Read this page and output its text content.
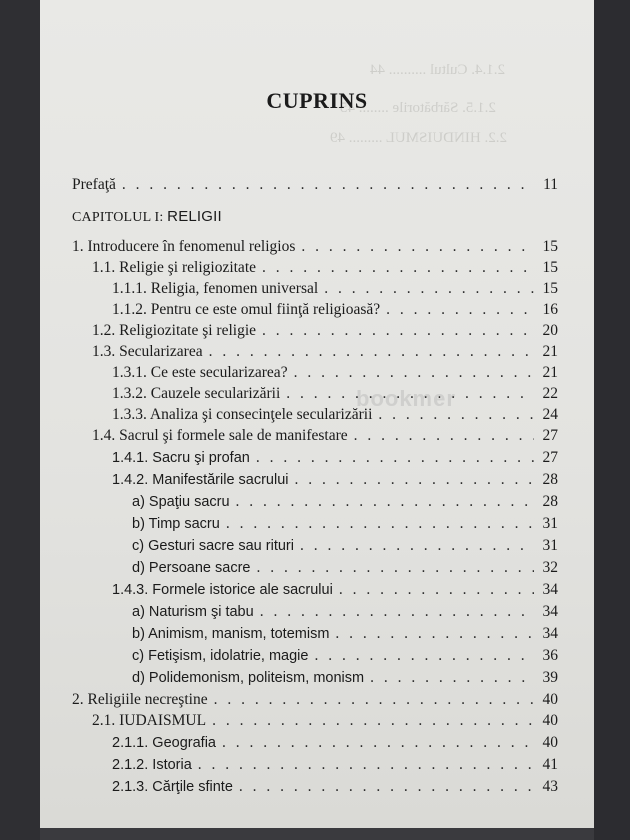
2.1.4. Cultul .......... 44
2.1.5. Sărbătorile ........ 45
2.2. HINDUISMUL ......... 49
CUPRINS
CAPITOLUL I: RELIGII
bookmer
Prefaţă . . .	11
1. Introducere în fenomenul religios . . .	15
1.1. Religie şi religiozitate . . .	15
1.1.1. Religia, fenomen universal . . .	15
1.1.2. Pentru ce este omul fiinţă religioasă? . . .	16
1.2. Religiozitate şi religie . . .	20
1.3. Secularizarea . . .	21
1.3.1. Ce este secularizarea? . . .	21
1.3.2. Cauzele secularizării . . .	22
1.3.3. Analiza şi consecinţele secularizării . . .	24
1.4. Sacrul şi formele sale de manifestare . . .	27
1.4.1. Sacru şi profan . . .	27
1.4.2. Manifestările sacrului . . .	28
a) Spaţiu sacru . . .	28
b) Timp sacru . . .	31
c) Gesturi sacre sau rituri . . .	31
d) Persoane sacre . . .	32
1.4.3. Formele istorice ale sacrului . . .	34
a) Naturism şi tabu . . .	34
b) Animism, manism, totemism . . .	34
c) Fetişism, idolatrie, magie . . .	36
d) Polidemonism, politeism, monism . . .	39
2. Religiile necreştine . . .	40
2.1. IUDAISMUL . . .	40
2.1.1. Geografia . . .	40
2.1.2. Istoria . . .	41
2.1.3. Cărţile sfinte . . .	43
